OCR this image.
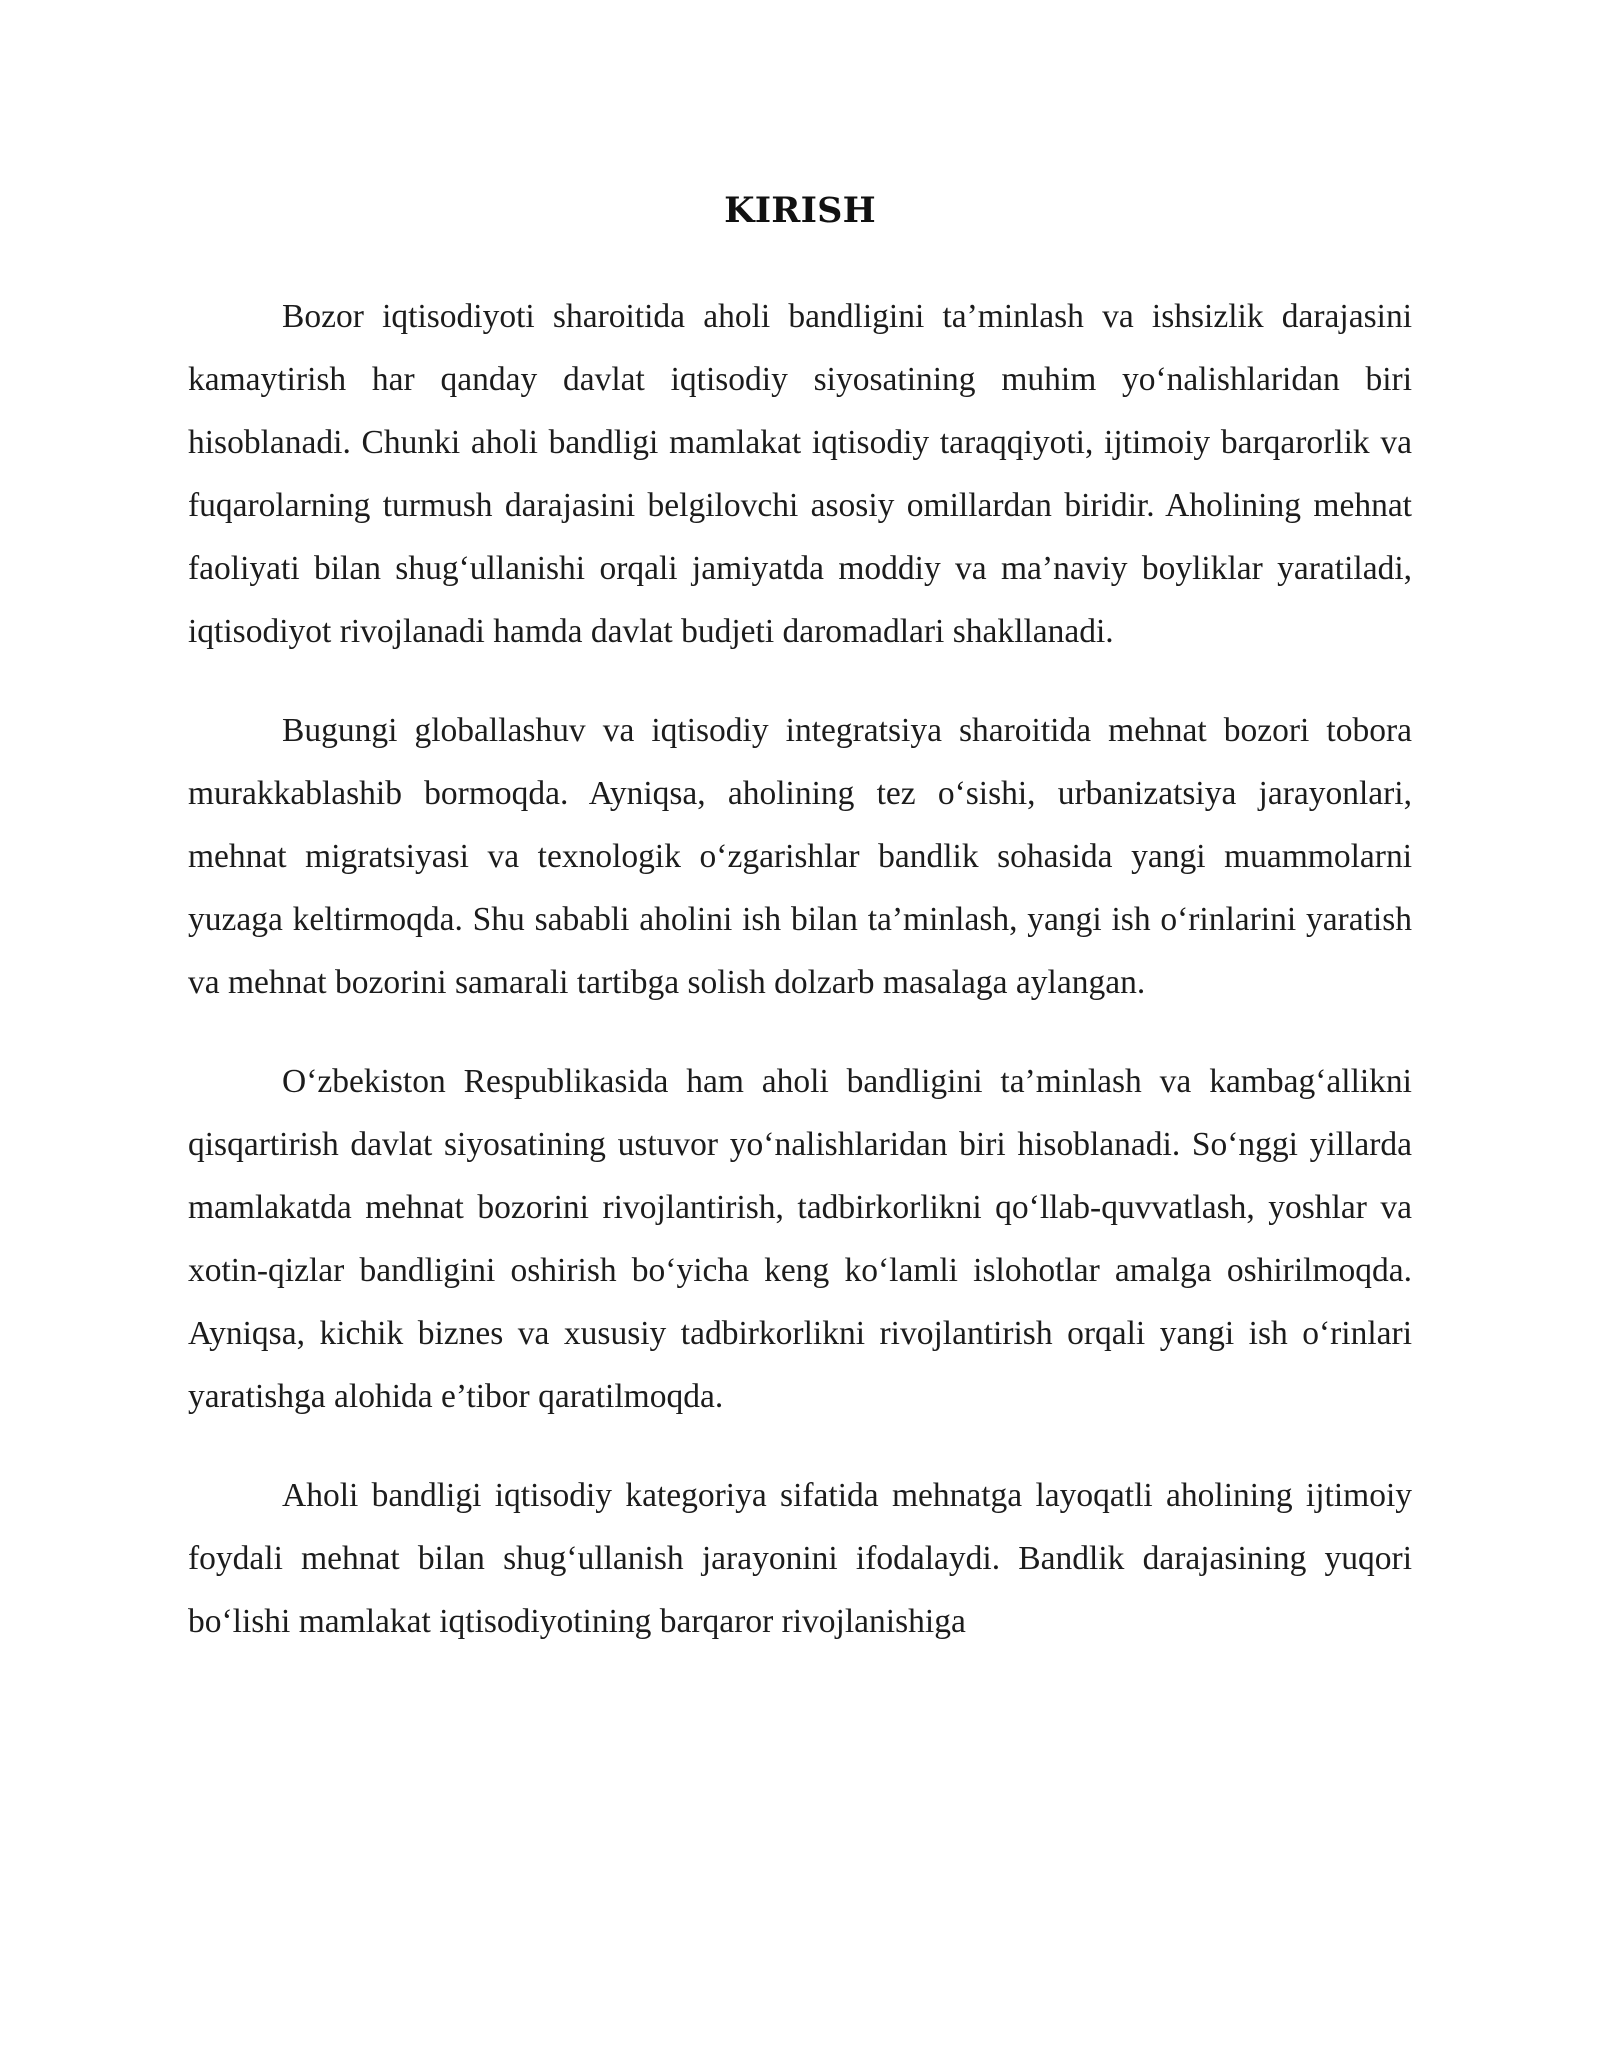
KIRISH

Bozor iqtisodiyoti sharoitida aholi bandligini ta’minlash va ishsizlik darajasini kamaytirish har qanday davlat iqtisodiy siyosatining muhim yo‘nalishlaridan biri hisoblanadi. Chunki aholi bandligi mamlakat iqtisodiy taraqqiyoti, ijtimoiy barqarorlik va fuqarolarning turmush darajasini belgilovchi asosiy omillardan biridir. Aholining mehnat faoliyati bilan shug‘ullanishi orqali jamiyatda moddiy va ma’naviy boyliklar yaratiladi, iqtisodiyot rivojlanadi hamda davlat budjeti daromadlari shakllanadi.

Bugungi globallashuv va iqtisodiy integratsiya sharoitida mehnat bozori tobora murakkablashib bormoqda. Ayniqsa, aholining tez o‘sishi, urbanizatsiya jarayonlari, mehnat migratsiyasi va texnologik o‘zgarishlar bandlik sohasida yangi muammolarni yuzaga keltirmoqda. Shu sababli aholini ish bilan ta’minlash, yangi ish o‘rinlarini yaratish va mehnat bozorini samarali tartibga solish dolzarb masalaga aylangan.

O‘zbekiston Respublikasida ham aholi bandligini ta’minlash va kambag‘allikni qisqartirish davlat siyosatining ustuvor yo‘nalishlaridan biri hisoblanadi. So‘nggi yillarda mamlakatda mehnat bozorini rivojlantirish, tadbirkorlikni qo‘llab-quvvatlash, yoshlar va xotin-qizlar bandligini oshirish bo‘yicha keng ko‘lamli islohotlar amalga oshirilmoqda. Ayniqsa, kichik biznes va xususiy tadbirkorlikni rivojlantirish orqali yangi ish o‘rinlari yaratishga alohida e’tibor qaratilmoqda.

Aholi bandligi iqtisodiy kategoriya sifatida mehnatga layoqatli aholining ijtimoiy foydali mehnat bilan shug‘ullanish jarayonini ifodalaydi. Bandlik darajasining yuqori bo‘lishi mamlakat iqtisodiyotining barqaror rivojlanishiga
